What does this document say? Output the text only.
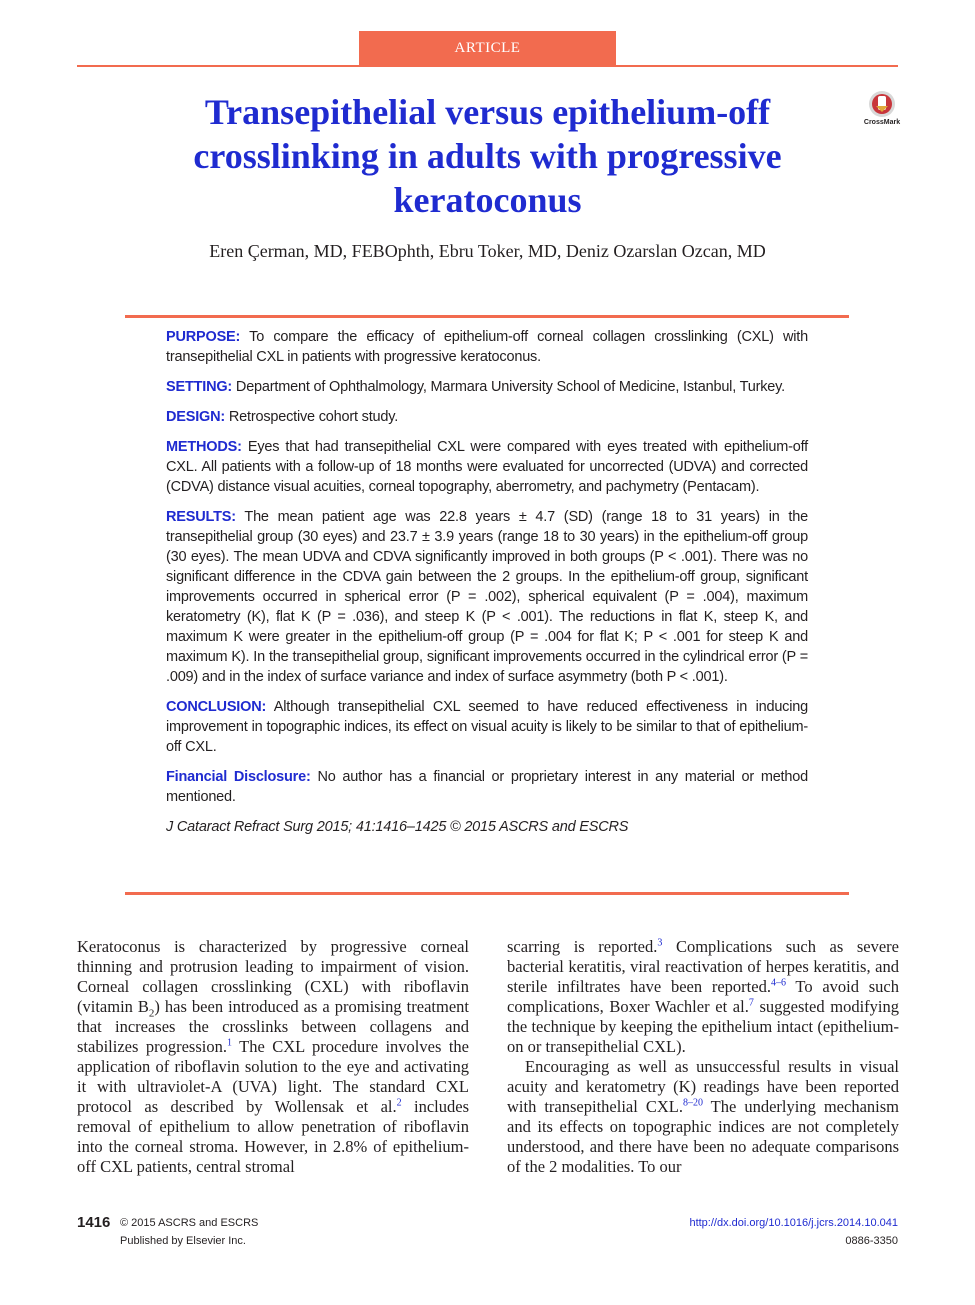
ARTICLE
Transepithelial versus epithelium-off crosslinking in adults with progressive keratoconus
CrossMark
Eren Çerman, MD, FEBOphth, Ebru Toker, MD, Deniz Ozarslan Ozcan, MD

PURPOSE: To compare the efficacy of epithelium-off corneal collagen crosslinking (CXL) with transepithelial CXL in patients with progressive keratoconus.

SETTING: Department of Ophthalmology, Marmara University School of Medicine, Istanbul, Turkey.

DESIGN: Retrospective cohort study.

METHODS: Eyes that had transepithelial CXL were compared with eyes treated with epithelium-off CXL. All patients with a follow-up of 18 months were evaluated for uncorrected (UDVA) and corrected (CDVA) distance visual acuities, corneal topography, aberrometry, and pachymetry (Pentacam).

RESULTS: The mean patient age was 22.8 years ± 4.7 (SD) (range 18 to 31 years) in the transepithelial group (30 eyes) and 23.7 ± 3.9 years (range 18 to 30 years) in the epithelium-off group (30 eyes). The mean UDVA and CDVA significantly improved in both groups (P < .001). There was no significant difference in the CDVA gain between the 2 groups. In the epithelium-off group, significant improvements occurred in spherical error (P = .002), spherical equivalent (P = .004), maximum keratometry (K), flat K (P = .036), and steep K (P < .001). The reductions in flat K, steep K, and maximum K were greater in the epithelium-off group (P = .004 for flat K; P < .001 for steep K and maximum K). In the transepithelial group, significant improvements occurred in the cylindrical error (P = .009) and in the index of surface variance and index of surface asymmetry (both P < .001).

CONCLUSION: Although transepithelial CXL seemed to have reduced effectiveness in inducing improvement in topographic indices, its effect on visual acuity is likely to be similar to that of epithelium-off CXL.

Financial Disclosure: No author has a financial or proprietary interest in any material or method mentioned.

J Cataract Refract Surg 2015; 41:1416–1425 © 2015 ASCRS and ESCRS

Keratoconus is characterized by progressive corneal thinning and protrusion leading to impairment of vision. Corneal collagen crosslinking (CXL) with riboflavin (vitamin $B_2$) has been introduced as a promising treatment that increases the crosslinks between collagens and stabilizes progression.$^1$ The CXL procedure involves the application of riboflavin solution to the eye and activating it with ultraviolet-A (UVA) light. The standard CXL protocol as described by Wollensak et al.$^2$ includes removal of epithelium to allow penetration of riboflavin into the corneal stroma. However, in 2.8% of epithelium-off CXL patients, central stromal

scarring is reported.$^3$ Complications such as severe bacterial keratitis, viral reactivation of herpes keratitis, and sterile infiltrates have been reported.$^{4-6}$ To avoid such complications, Boxer Wachler et al.$^7$ suggested modifying the technique by keeping the epithelium intact (epithelium-on or transepithelial CXL).

Encouraging as well as unsuccessful results in visual acuity and keratometry (K) readings have been reported with transepithelial CXL.$^{8-20}$ The underlying mechanism and its effects on topographic indices are not completely understood, and there have been no adequate comparisons of the 2 modalities. To our

1416 © 2015 ASCRS and ESCRS
Published by Elsevier Inc.
http://dx.doi.org/10.1016/j.jcrs.2014.10.041
0886-3350
